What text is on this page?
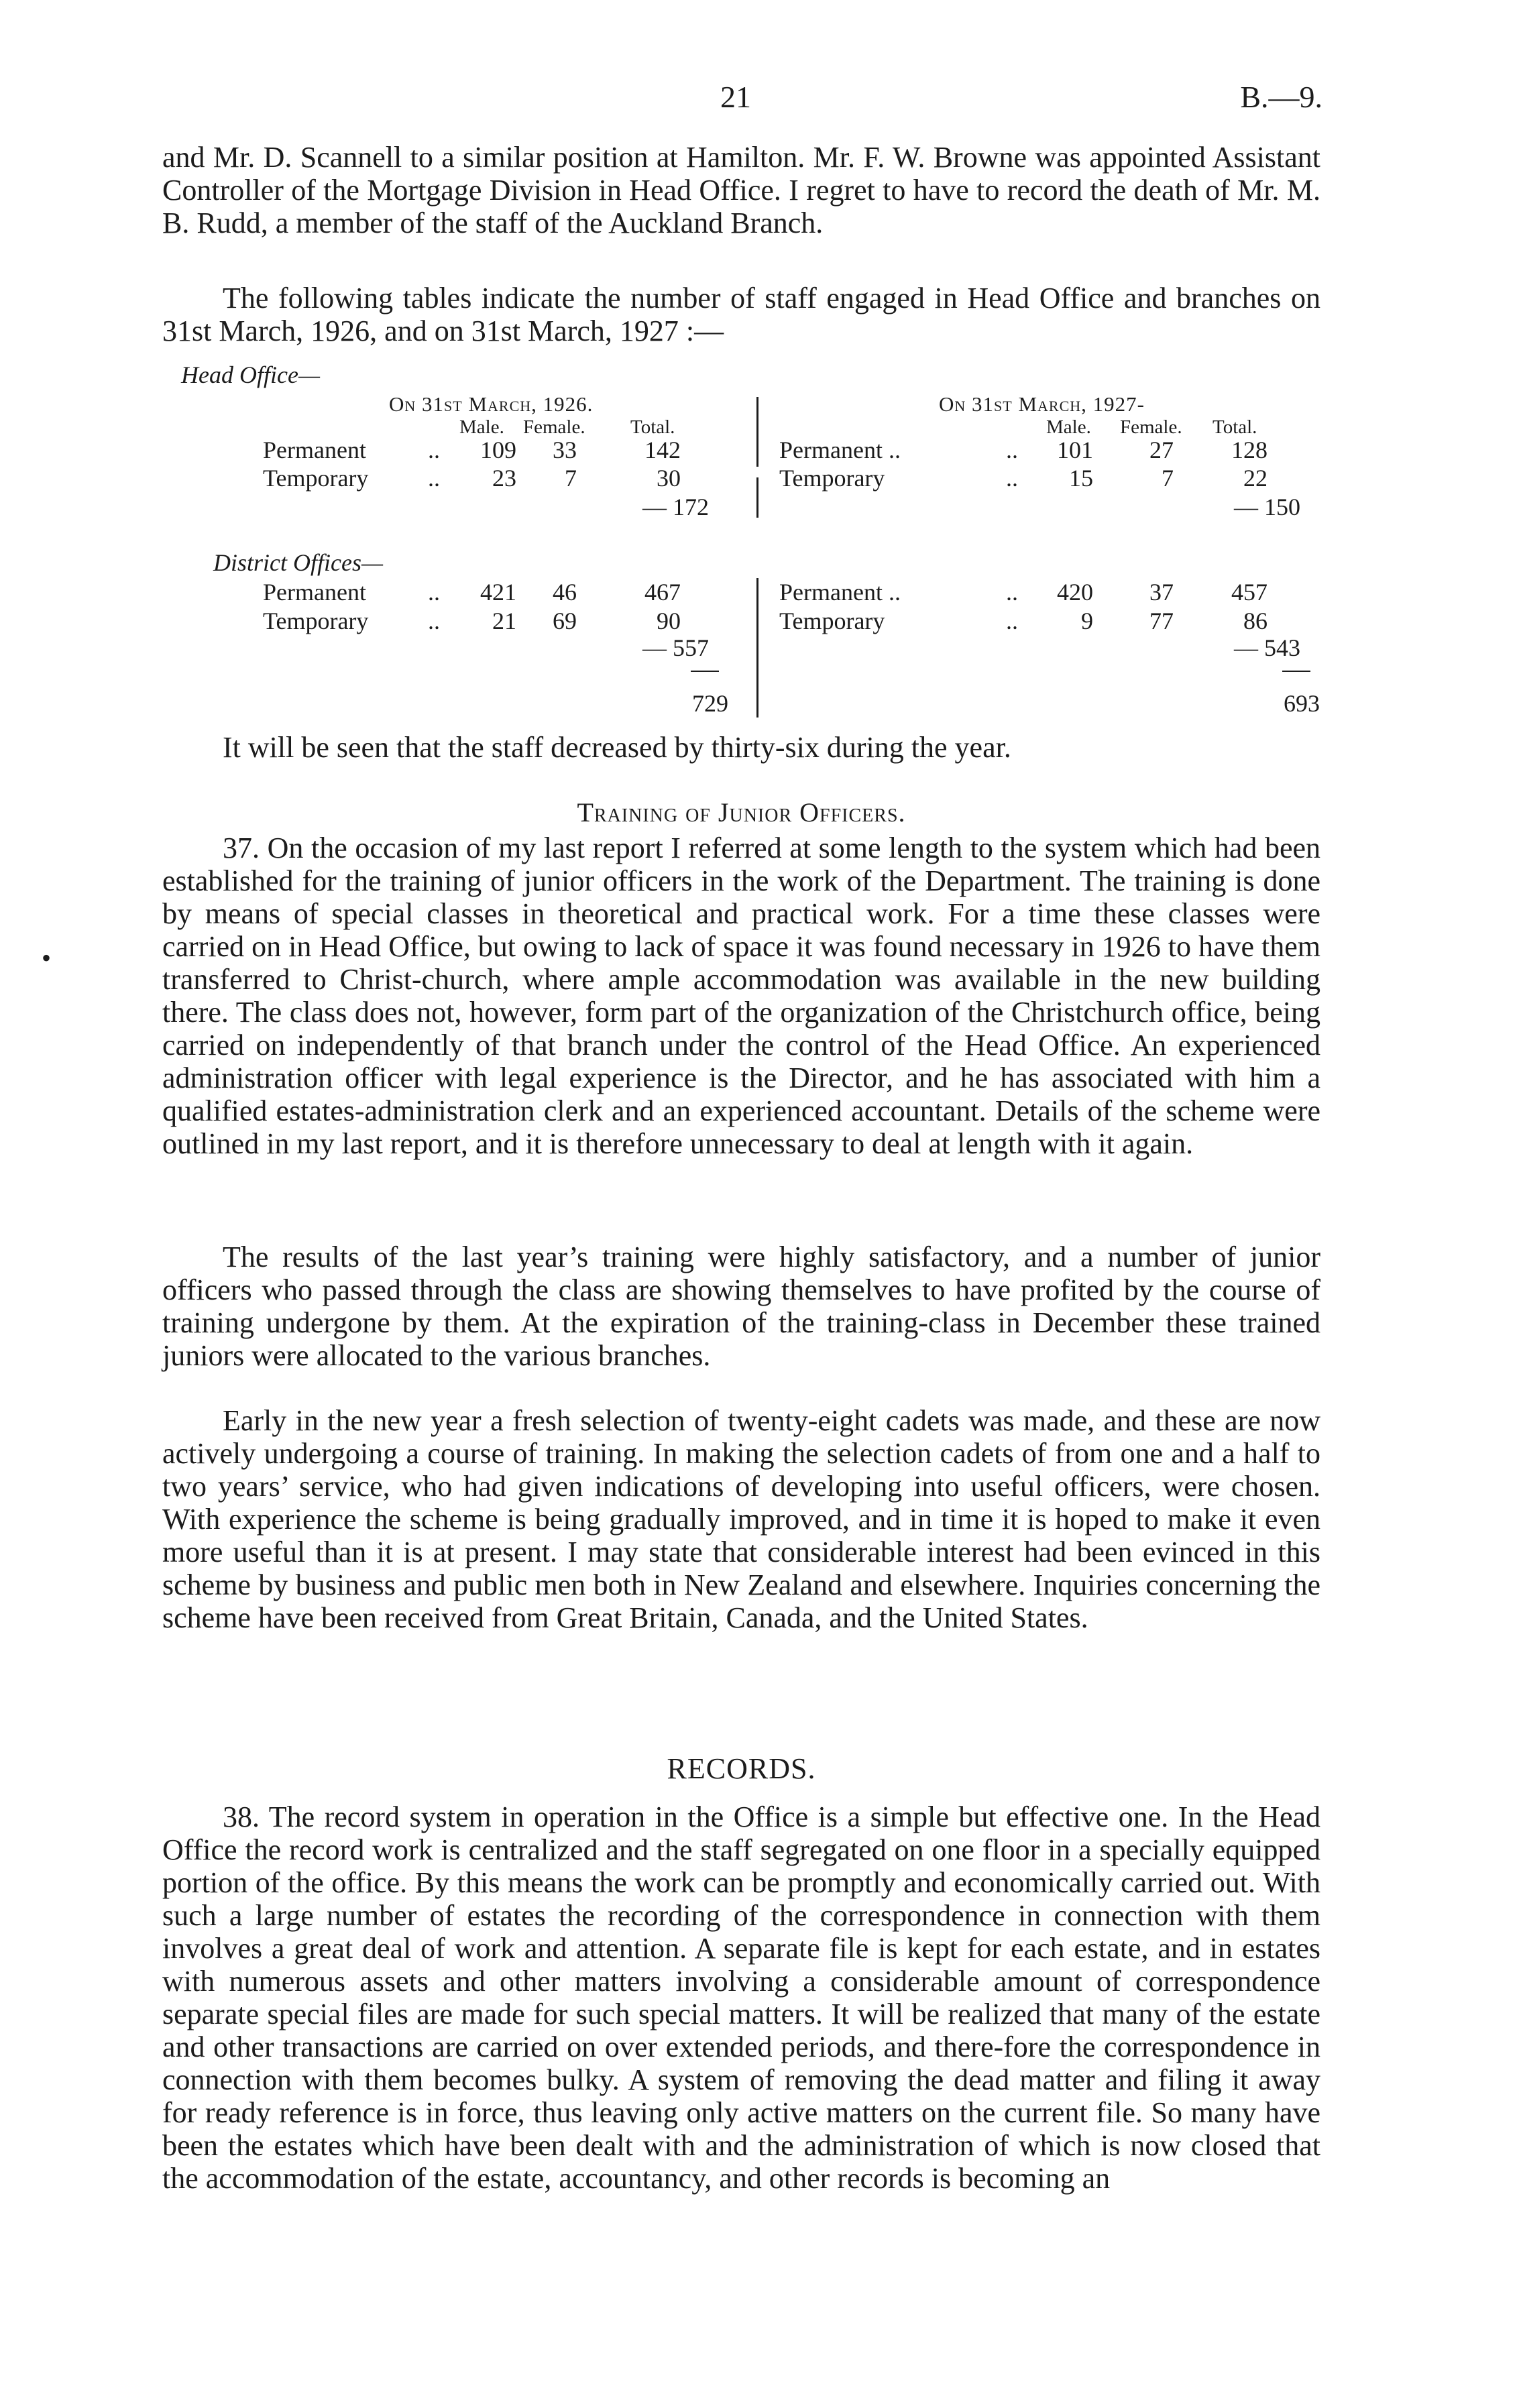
21	B.—9.

and Mr. D. Scannell to a similar position at Hamilton. Mr. F. W. Browne was appointed Assistant Controller of the Mortgage Division in Head Office. I regret to have to record the death of Mr. M. B. Rudd, a member of the staff of the Auckland Branch.

The following tables indicate the number of staff engaged in Head Office and branches on 31st March, 1926, and on 31st March, 1927 :—

Head Office—
On 31st March, 1926.
Male. Female. Total.
Permanent	..	109	33	142
Temporary ..	23	7	30
— 172
On 31st March, 1927-
Male. Female. Total.
Permanent ..	..	101	27	128
Temporary	..	15	7	22
— 150
District Offices—
Permanent	..	421	46	467
Temporary ..	21	69	90
— 557
729
Permanent ..	..	420	37	457
Temporary	..	9	77	86
— 543
693

It will be seen that the staff decreased by thirty-six during the year.

Training of Junior Officers.

37. On the occasion of my last report I referred at some length to the system which had been established for the training of junior officers in the work of the Department. The training is done by means of special classes in theoretical and practical work. For a time these classes were carried on in Head Office, but owing to lack of space it was found necessary in 1926 to have them transferred to Christ-church, where ample accommodation was available in the new building there. The class does not, however, form part of the organization of the Christchurch office, being carried on independently of that branch under the control of the Head Office. An experienced administration officer with legal experience is the Director, and he has associated with him a qualified estates-administration clerk and an experienced accountant. Details of the scheme were outlined in my last report, and it is therefore unnecessary to deal at length with it again.

•

The results of the last year’s training were highly satisfactory, and a number of junior officers who passed through the class are showing themselves to have profited by the course of training undergone by them. At the expiration of the training-class in December these trained juniors were allocated to the various branches.

Early in the new year a fresh selection of twenty-eight cadets was made, and these are now actively undergoing a course of training. In making the selection cadets of from one and a half to two years’ service, who had given indications of developing into useful officers, were chosen. With experience the scheme is being gradually improved, and in time it is hoped to make it even more useful than it is at present. I may state that considerable interest had been evinced in this scheme by business and public men both in New Zealand and elsewhere. Inquiries concerning the scheme have been received from Great Britain, Canada, and the United States.

RECORDS.

38. The record system in operation in the Office is a simple but effective one. In the Head Office the record work is centralized and the staff segregated on one floor in a specially equipped portion of the office. By this means the work can be promptly and economically carried out. With such a large number of estates the recording of the correspondence in connection with them involves a great deal of work and attention. A separate file is kept for each estate, and in estates with numerous assets and other matters involving a considerable amount of correspondence separate special files are made for such special matters. It will be realized that many of the estate and other transactions are carried on over extended periods, and there-fore the correspondence in connection with them becomes bulky. A system of removing the dead matter and filing it away for ready reference is in force, thus leaving only active matters on the current file. So many have been the estates which have been dealt with and the administration of which is now closed that the accommodation of the estate, accountancy, and other records is becoming an
